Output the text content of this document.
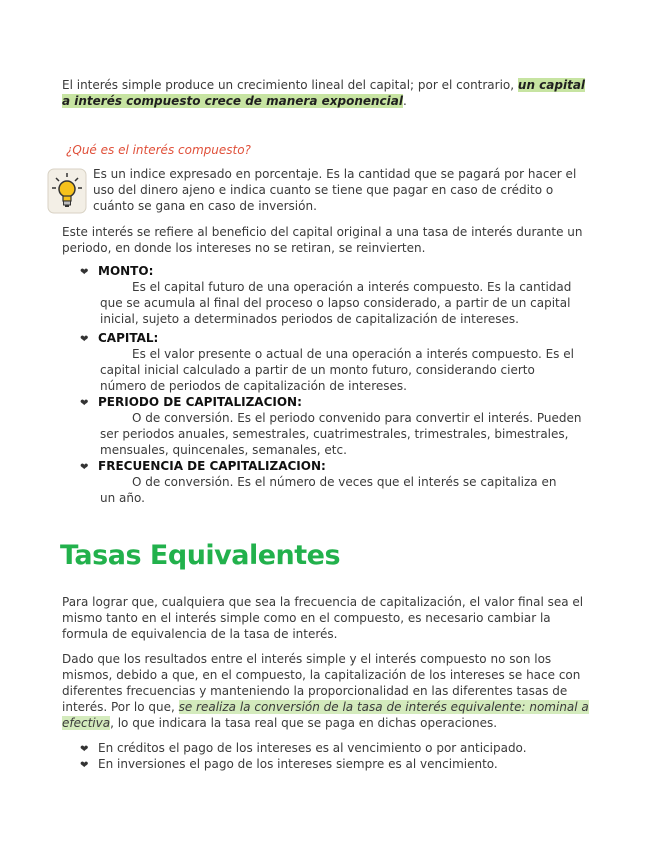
El interés simple produce un crecimiento lineal del capital; por el contrario, un capital a interés compuesto crece de manera exponencial.

¿Qué es el interés compuesto?

Es un indice expresado en porcentaje. Es la cantidad que se pagará por hacer el uso del dinero ajeno e indica cuanto se tiene que pagar en caso de crédito o cuánto se gana en caso de inversión.

Este interés se refiere al beneficio del capital original a una tasa de interés durante un periodo, en donde los intereses no se retiran, se reinvierten.

❤ MONTO:

Es el capital futuro de una operación a interés compuesto. Es la cantidad que se acumula al final del proceso o lapso considerado, a partir de un capital inicial, sujeto a determinados periodos de capitalización de intereses.

❤ CAPITAL:

Es el valor presente o actual de una operación a interés compuesto. Es el capital inicial calculado a partir de un monto futuro, considerando cierto número de periodos de capitalización de intereses.

❤ PERIODO DE CAPITALIZACION:

O de conversión. Es el periodo convenido para convertir el interés. Pueden ser periodos anuales, semestrales, cuatrimestrales, trimestrales, bimestrales, mensuales, quincenales, semanales, etc.

❤ FRECUENCIA DE CAPITALIZACION:

O de conversión. Es el número de veces que el interés se capitaliza en un año.

Tasas Equivalentes

Para lograr que, cualquiera que sea la frecuencia de capitalización, el valor final sea el mismo tanto en el interés simple como en el compuesto, es necesario cambiar la formula de equivalencia de la tasa de interés.

Dado que los resultados entre el interés simple y el interés compuesto no son los mismos, debido a que, en el compuesto, la capitalización de los intereses se hace con diferentes frecuencias y manteniendo la proporcionalidad en las diferentes tasas de interés. Por lo que, se realiza la conversión de la tasa de interés equivalente: nominal a efectiva, lo que indicara la tasa real que se paga en dichas operaciones.

❤ En créditos el pago de los intereses es al vencimiento o por anticipado.

❤ En inversiones el pago de los intereses siempre es al vencimiento.
